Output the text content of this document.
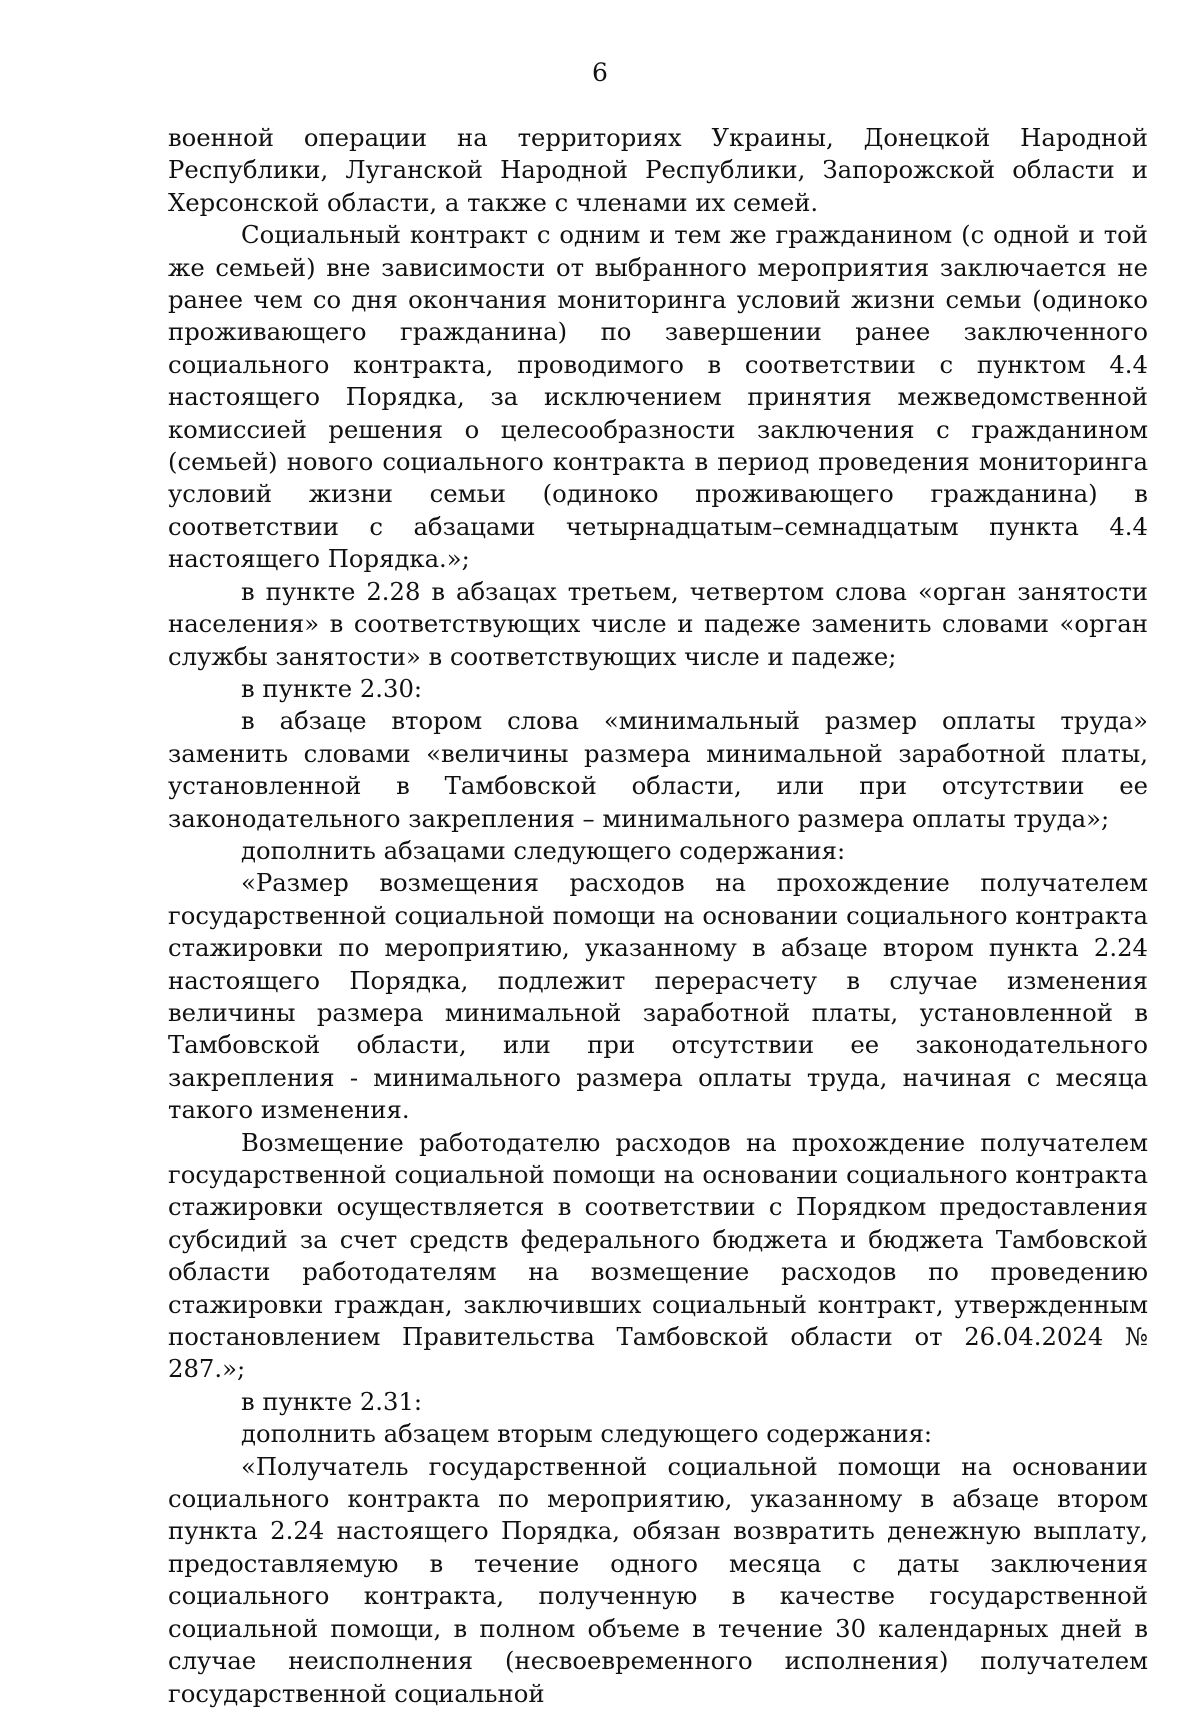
6

военной операции на территориях Украины, Донецкой Народной Республики, Луганской Народной Республики, Запорожской области и Херсонской области, а также с членами их семей.

Социальный контракт с одним и тем же гражданином (с одной и той же семьей) вне зависимости от выбранного мероприятия заключается не ранее чем со дня окончания мониторинга условий жизни семьи (одиноко проживающего гражданина) по завершении ранее заключенного социального контракта, проводимого в соответствии с пунктом 4.4 настоящего Порядка, за исключением принятия межведомственной комиссией решения о целесообразности заключения с гражданином (семьей) нового социального контракта в период проведения мониторинга условий жизни семьи (одиноко проживающего гражданина) в соответствии с абзацами четырнадцатым–семнадцатым пункта 4.4 настоящего Порядка.»;

в пункте 2.28 в абзацах третьем, четвертом слова «орган занятости населения» в соответствующих числе и падеже заменить словами «орган службы занятости» в соответствующих числе и падеже;

в пункте 2.30:

в абзаце втором слова «минимальный размер оплаты труда» заменить словами «величины размера минимальной заработной платы, установленной в Тамбовской области, или при отсутствии ее законодательного закрепления – минимального размера оплаты труда»;

дополнить абзацами следующего содержания:

«Размер возмещения расходов на прохождение получателем государственной социальной помощи на основании социального контракта стажировки по мероприятию, указанному в абзаце втором пункта 2.24 настоящего Порядка, подлежит перерасчету в случае изменения величины размера минимальной заработной платы, установленной в Тамбовской области, или при отсутствии ее законодательного закрепления - минимального размера оплаты труда, начиная с месяца такого изменения.

Возмещение работодателю расходов на прохождение получателем государственной социальной помощи на основании социального контракта стажировки осуществляется в соответствии с Порядком предоставления субсидий за счет средств федерального бюджета и бюджета Тамбовской области работодателям на возмещение расходов по проведению стажировки граждан, заключивших социальный контракт, утвержденным постановлением Правительства Тамбовской области от 26.04.2024 № 287.»;

в пункте 2.31:

дополнить абзацем вторым следующего содержания:

«Получатель государственной социальной помощи на основании социального контракта по мероприятию, указанному в абзаце втором пункта 2.24 настоящего Порядка, обязан возвратить денежную выплату, предоставляемую в течение одного месяца с даты заключения социального контракта, полученную в качестве государственной социальной помощи, в полном объеме в течение 30 календарных дней в случае неисполнения (несвоевременного исполнения) получателем государственной социальной
